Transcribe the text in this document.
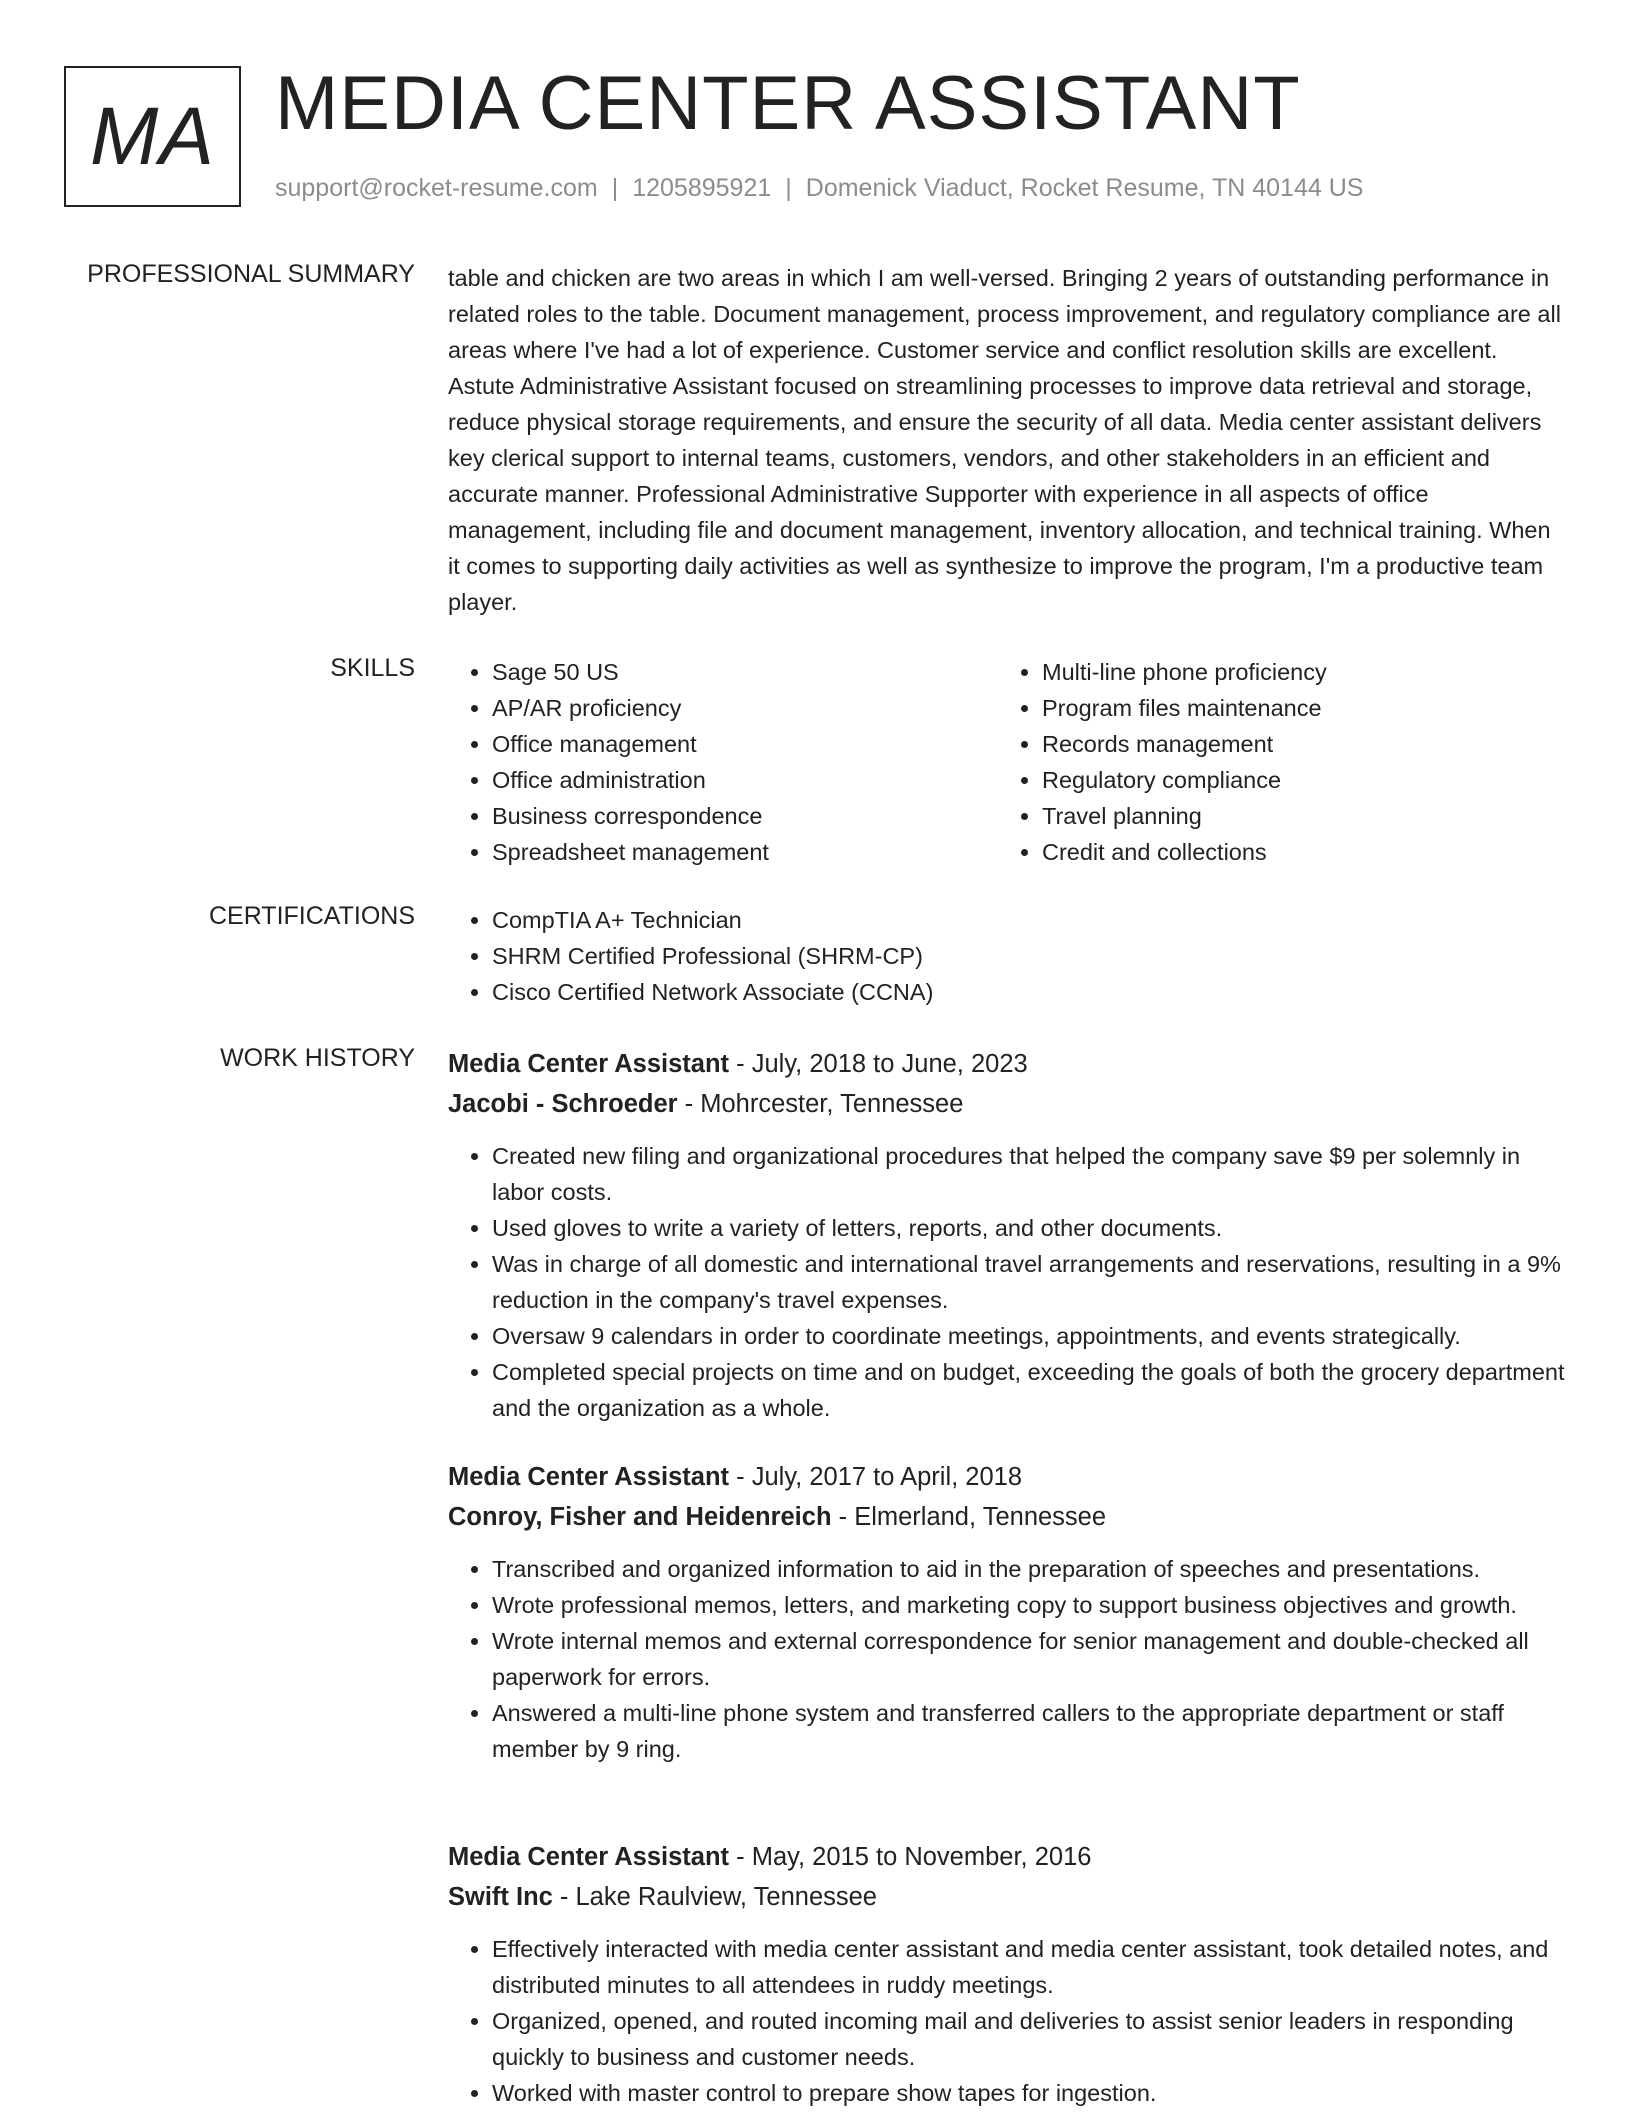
MA MEDIA CENTER ASSISTANT
support@rocket-resume.com | 1205895921 | Domenick Viaduct, Rocket Resume, TN 40144 US
PROFESSIONAL SUMMARY table and chicken are two areas in which I am well-versed. Bringing 2 years of outstanding performance in related roles to the table. Document management, process improvement, and regulatory compliance are all areas where I've had a lot of experience. Customer service and conflict resolution skills are excellent. Astute Administrative Assistant focused on streamlining processes to improve data retrieval and storage, reduce physical storage requirements, and ensure the security of all data. Media center assistant delivers key clerical support to internal teams, customers, vendors, and other stakeholders in an efficient and accurate manner. Professional Administrative Supporter with experience in all aspects of office management, including file and document management, inventory allocation, and technical training. When it comes to supporting daily activities as well as synthesize to improve the program, I'm a productive team player.

SKILLS	• Sage 50 US
• AP/AR proficiency
• Office management
• Office administration
• Business correspondence
• Spreadsheet management
• Multi-line phone proficiency
• Program files maintenance
• Records management
• Regulatory compliance
• Travel planning
• Credit and collections
CERTIFICATIONS	• CompTIA A+ Technician
• SHRM Certified Professional (SHRM-CP)
• Cisco Certified Network Associate (CCNA)
WORK HISTORY Media Center Assistant - July, 2018 to June, 2023
Jacobi - Schroeder - Mohrcester, Tennessee
• Created new filing and organizational procedures that helped the company save $9 per solemnly in labor costs.
• Used gloves to write a variety of letters, reports, and other documents.
• Was in charge of all domestic and international travel arrangements and reservations, resulting in a 9% reduction in the company's travel expenses.
• Oversaw 9 calendars in order to coordinate meetings, appointments, and events strategically.
• Completed special projects on time and on budget, exceeding the goals of both the grocery department and the organization as a whole.
Media Center Assistant - July, 2017 to April, 2018
Conroy, Fisher and Heidenreich - Elmerland, Tennessee
• Transcribed and organized information to aid in the preparation of speeches and presentations.
• Wrote professional memos, letters, and marketing copy to support business objectives and growth.
• Wrote internal memos and external correspondence for senior management and double-checked all paperwork for errors.
• Answered a multi-line phone system and transferred callers to the appropriate department or staff member by 9 ring.
Media Center Assistant - May, 2015 to November, 2016
Swift Inc - Lake Raulview, Tennessee
• Effectively interacted with media center assistant and media center assistant, took detailed notes, and distributed minutes to all attendees in ruddy meetings.
• Organized, opened, and routed incoming mail and deliveries to assist senior leaders in responding quickly to business and customer needs.
• Worked with master control to prepare show tapes for ingestion.
